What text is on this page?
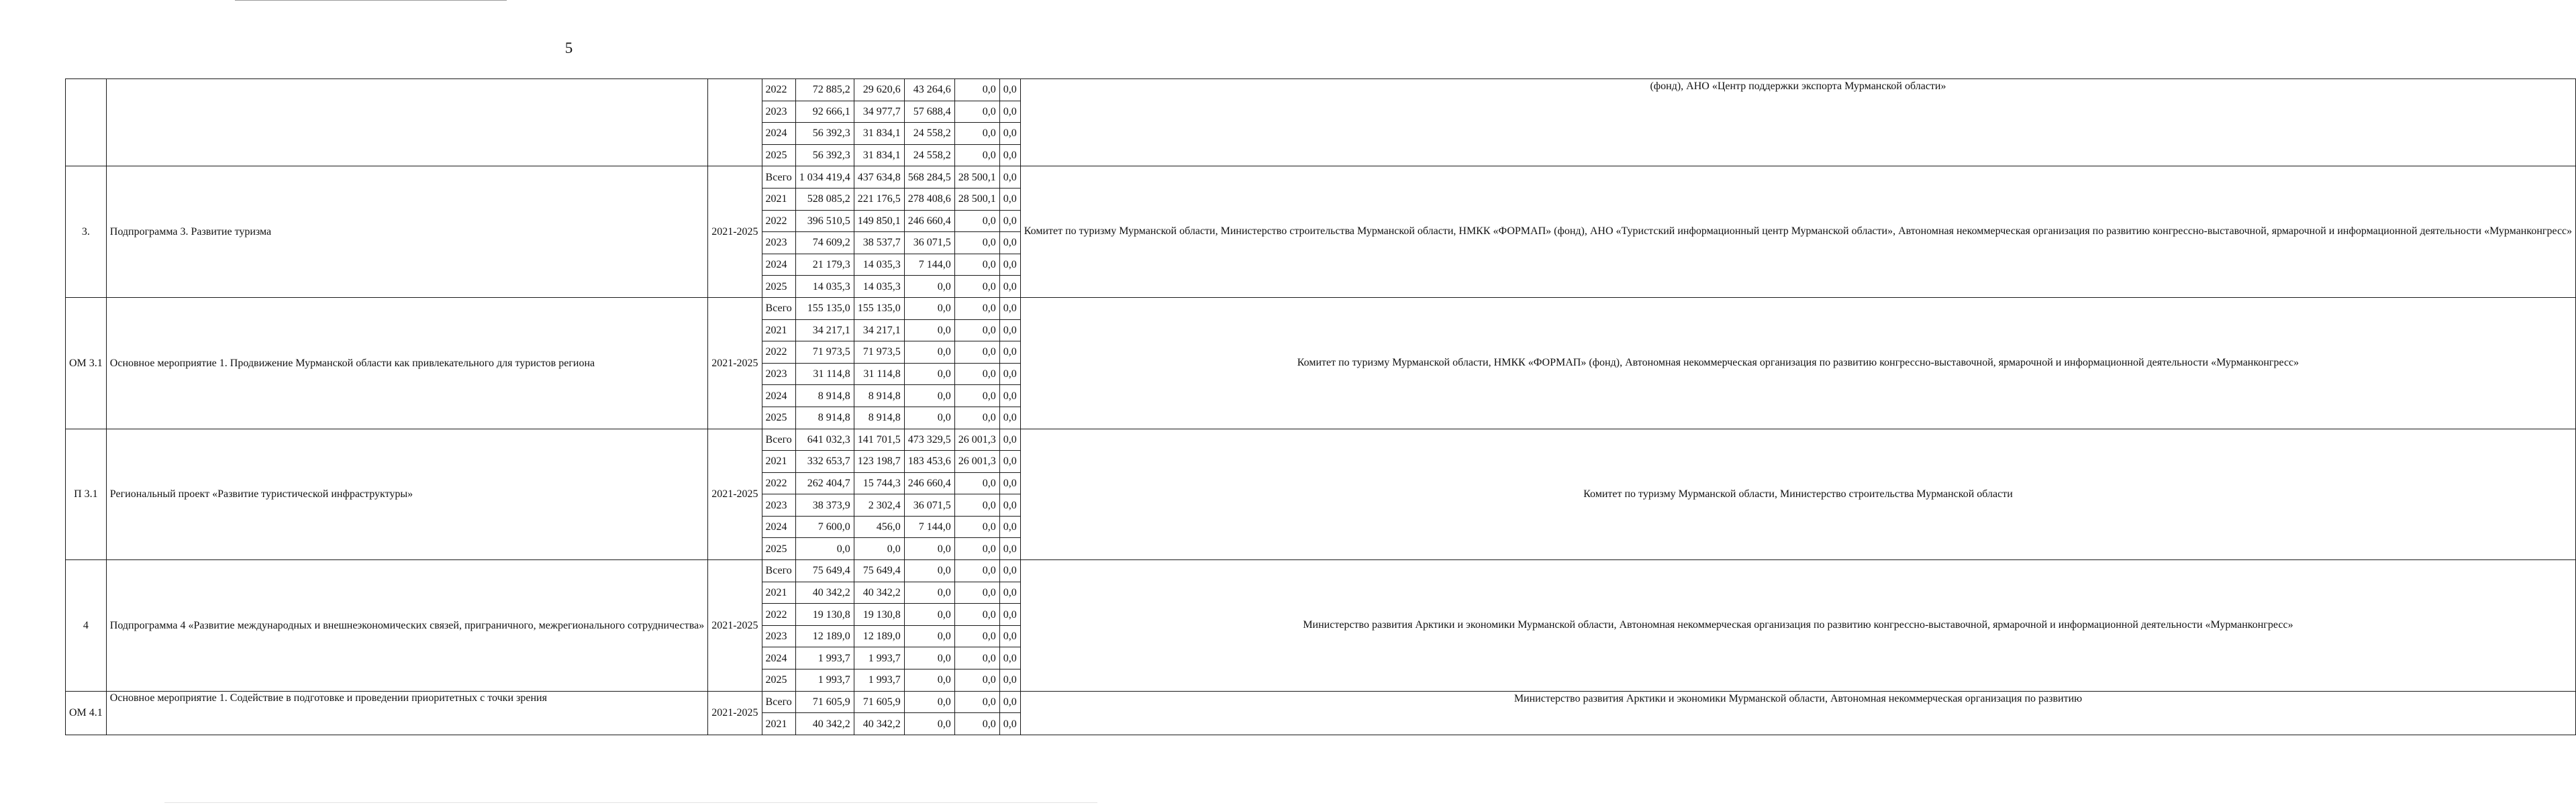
5
			2022	72 885,2	29 620,6	43 264,6	0,0	0,0	(фонд), АНО «Центр поддержки экспорта Мурманской области»
			2023	92 666,1	34 977,7	57 688,4	0,0	0,0	
			2024	56 392,3	31 834,1	24 558,2	0,0	0,0	
			2025	56 392,3	31 834,1	24 558,2	0,0	0,0	
3.	Подпрограмма 3. Развитие туризма	2021-2025	Всего	1 034 419,4	437 634,8	568 284,5	28 500,1	0,0	Комитет по туризму Мурманской области, Министерство строительства Мурманской области, НМКК «ФОРМАП» (фонд), АНО «Туристский информационный центр Мурманской области», Автономная некоммерческая организация по развитию конгрессно-выставочной, ярмарочной и информационной деятельности «Мурманконгресс»
			2021	528 085,2	221 176,5	278 408,6	28 500,1	0,0	
			2022	396 510,5	149 850,1	246 660,4	0,0	0,0	
			2023	74 609,2	38 537,7	36 071,5	0,0	0,0	
			2024	21 179,3	14 035,3	7 144,0	0,0	0,0	
			2025	14 035,3	14 035,3	0,0	0,0	0,0	
ОМ 3.1	Основное мероприятие 1. Продвижение Мурманской области как привлекательного для туристов региона	2021-2025	Всего	155 135,0	155 135,0	0,0	0,0	0,0	Комитет по туризму Мурманской области, НМКК «ФОРМАП» (фонд), Автономная некоммерческая организация по развитию конгрессно-выставочной, ярмарочной и информационной деятельности «Мурманконгресс»
			2021	34 217,1	34 217,1	0,0	0,0	0,0	
			2022	71 973,5	71 973,5	0,0	0,0	0,0	
			2023	31 114,8	31 114,8	0,0	0,0	0,0	
			2024	8 914,8	8 914,8	0,0	0,0	0,0	
			2025	8 914,8	8 914,8	0,0	0,0	0,0	
П 3.1	Региональный проект «Развитие туристической инфраструктуры»	2021-2025	Всего	641 032,3	141 701,5	473 329,5	26 001,3	0,0	Комитет по туризму Мурманской области, Министерство строительства Мурманской области
			2021	332 653,7	123 198,7	183 453,6	26 001,3	0,0	
			2022	262 404,7	15 744,3	246 660,4	0,0	0,0	
			2023	38 373,9	2 302,4	36 071,5	0,0	0,0	
			2024	7 600,0	456,0	7 144,0	0,0	0,0	
			2025	0,0	0,0	0,0	0,0	0,0	
4	Подпрограмма 4 «Развитие международных и внешнеэкономических связей, приграничного, межрегионального сотрудничества»	2021-2025	Всего	75 649,4	75 649,4	0,0	0,0	0,0	Министерство развития Арктики и экономики Мурманской области, Автономная некоммерческая организация по развитию конгрессно-выставочной, ярмарочной и информационной деятельности «Мурманконгресс»
			2021	40 342,2	40 342,2	0,0	0,0	0,0	
			2022	19 130,8	19 130,8	0,0	0,0	0,0	
			2023	12 189,0	12 189,0	0,0	0,0	0,0	
			2024	1 993,7	1 993,7	0,0	0,0	0,0	
			2025	1 993,7	1 993,7	0,0	0,0	0,0	
ОМ 4.1	Основное мероприятие 1. Содействие в подготовке и проведении приоритетных с точки зрения	2021-2025	Всего	71 605,9	71 605,9	0,0	0,0	0,0	Министерство развития Арктики и экономики Мурманской области, Автономная некоммерческая организация по развитию
			2021	40 342,2	40 342,2	0,0	0,0	0,0	
